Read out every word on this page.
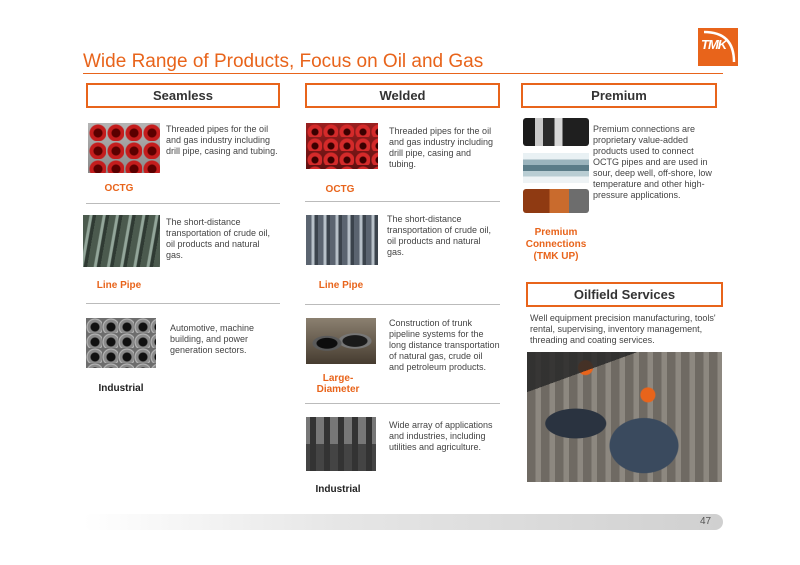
Wide Range of Products, Focus on Oil and Gas
TMK
Seamless	Welded	Premium
Threaded pipes for the oil and gas industry including drill pipe, casing and tubing.
OCTG
The short-distance transportation of crude oil, oil products and natural gas.
Line Pipe
Automotive, machine building, and power generation sectors.
Industrial
Threaded pipes for the oil and gas industry including drill pipe, casing and tubing.
OCTG
The short-distance transportation of crude oil, oil products and natural gas.
Line Pipe
Construction of trunk pipeline systems for the long distance transportation of natural gas, crude oil and petroleum products.
Large-Diameter
Wide array of applications and industries, including utilities and agriculture.
Industrial
Premium connections are proprietary value-added products used to connect OCTG pipes and are used in sour, deep well, off-shore, low temperature and other high-pressure applications.
Premium
Connections
(TMK UP)
Oilfield Services
Well equipment precision manufacturing, tools' rental, supervising, inventory management, threading and coating services.
47
